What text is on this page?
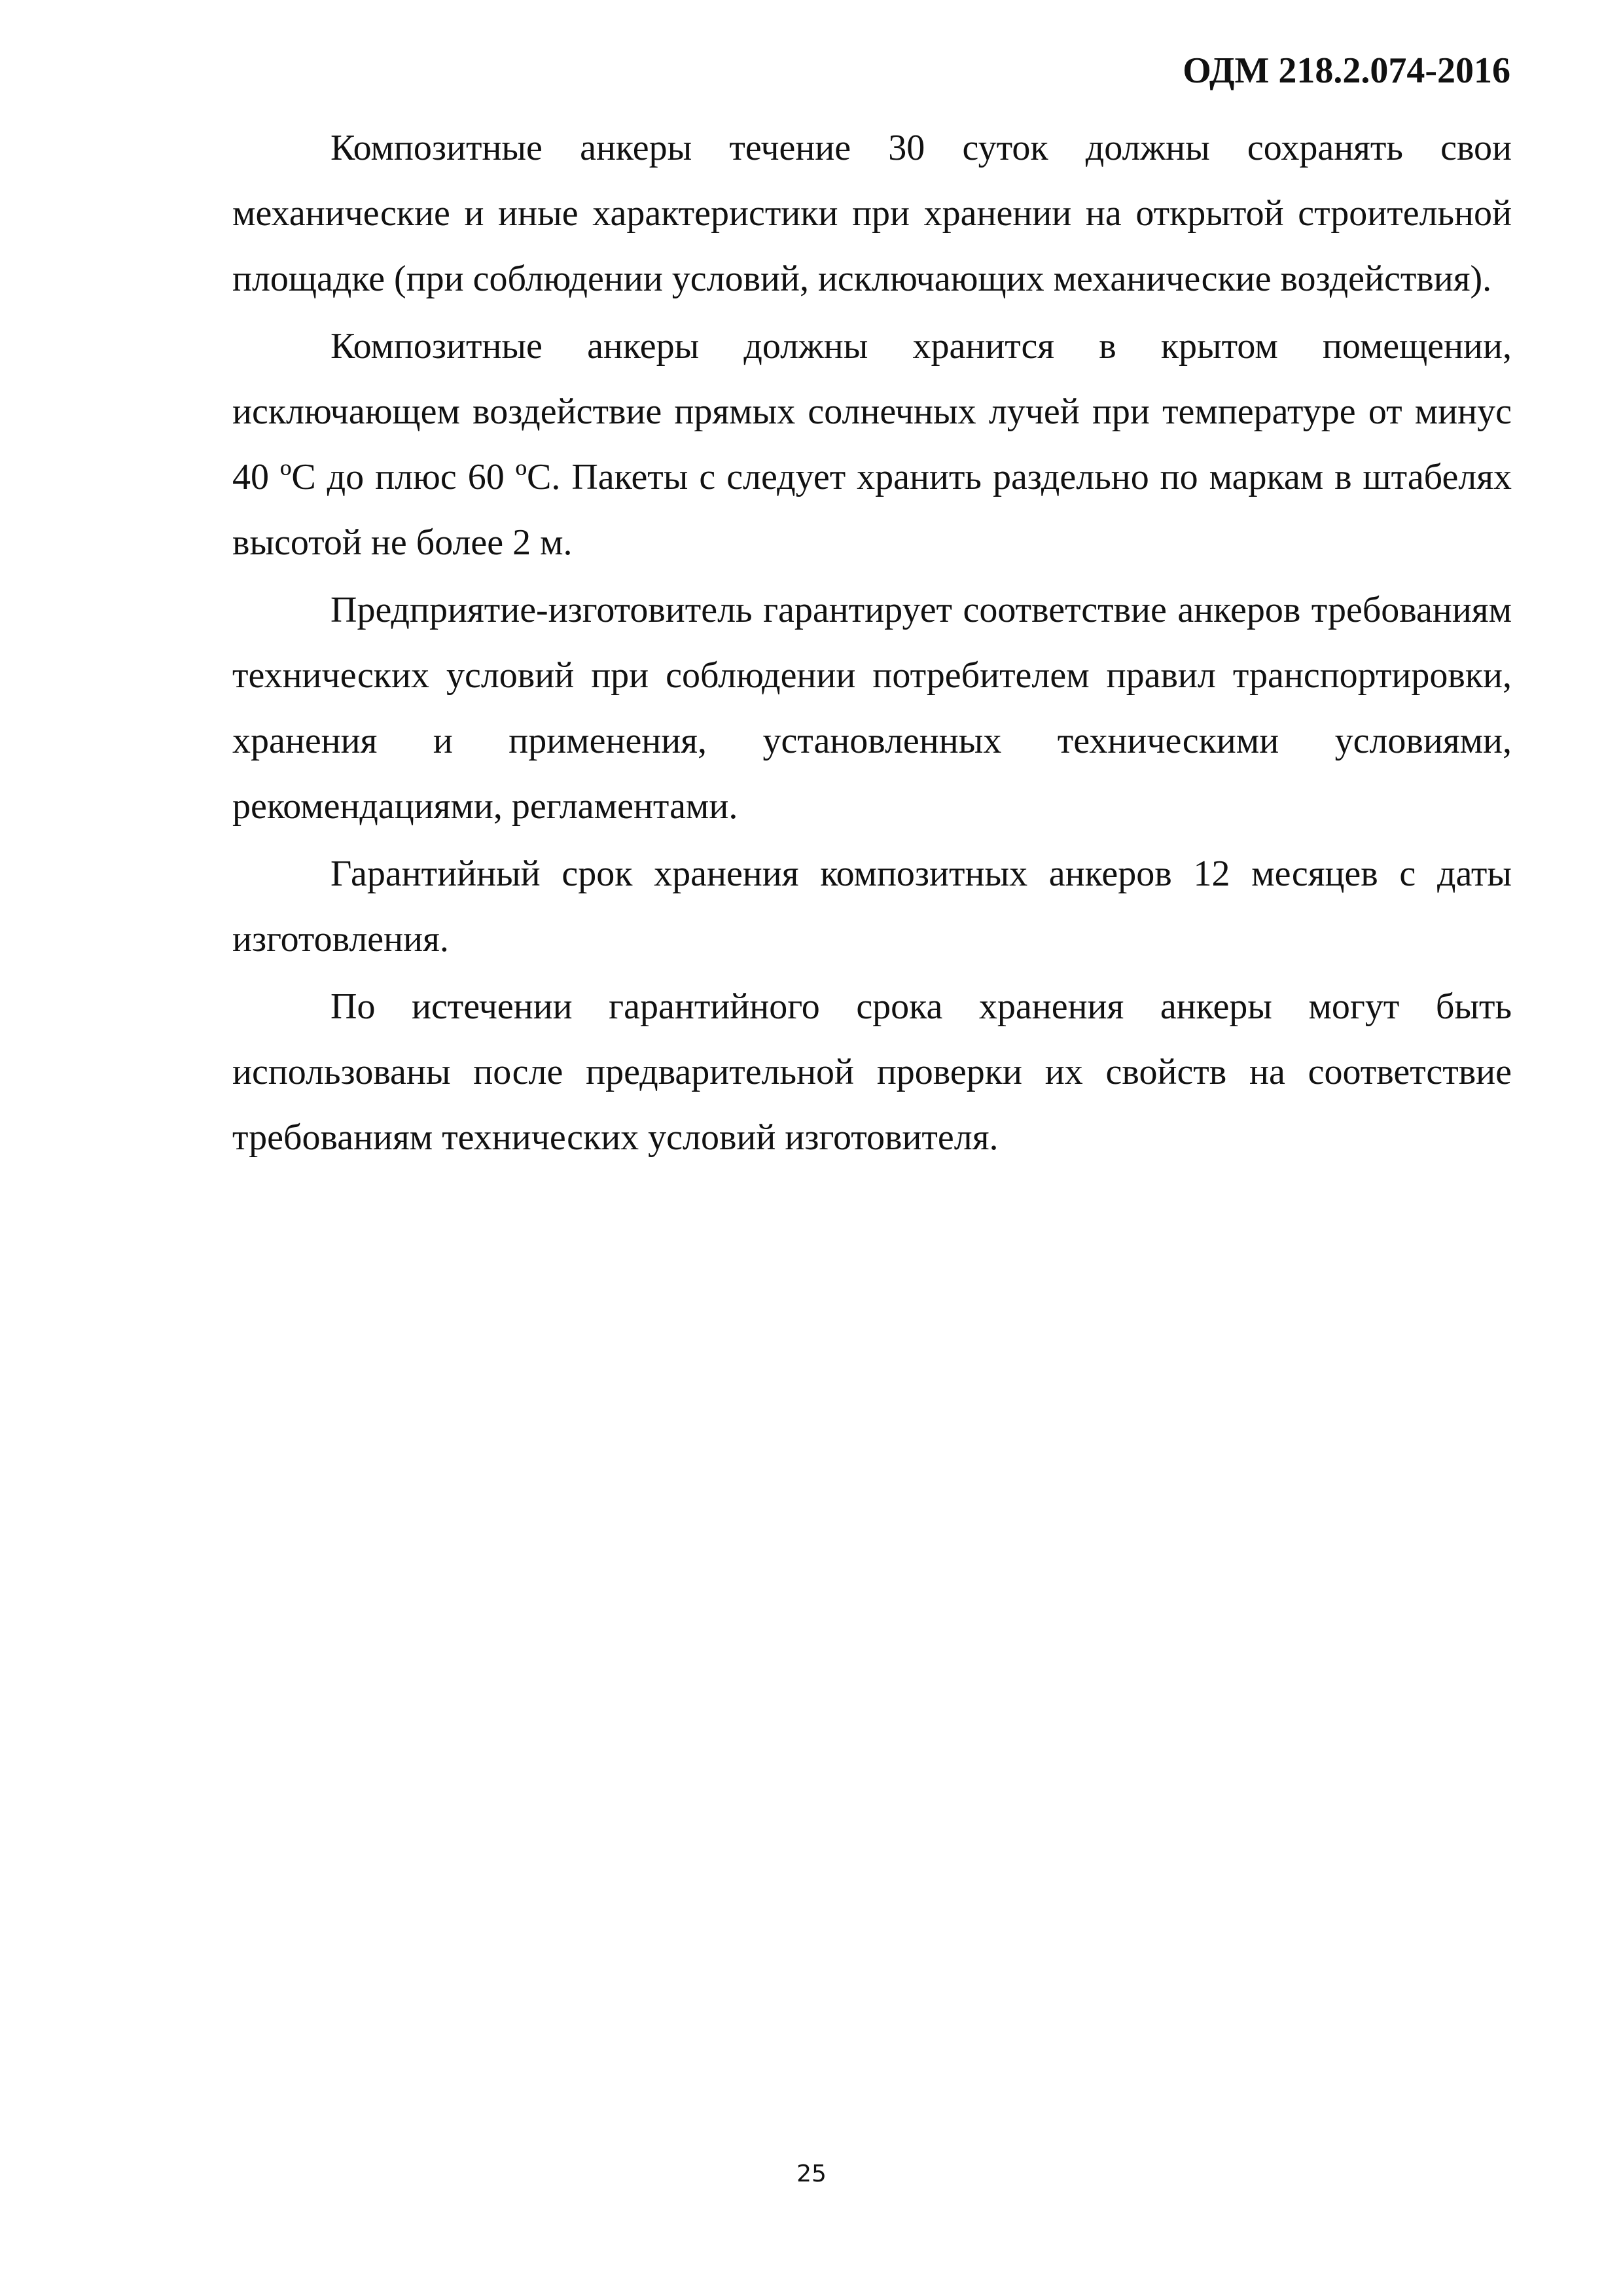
ОДМ 218.2.074-2016

Композитные анкеры течение 30 суток должны сохранять свои механические и иные характеристики при хранении на открытой строительной площадке (при соблюдении условий, исключающих механические воздействия).

Композитные анкеры должны хранится в крытом помещении, исключающем воздействие прямых солнечных лучей при температуре от минус 40 ºС до плюс 60 ºС. Пакеты с следует хранить раздельно по маркам в штабелях высотой не более 2 м.

Предприятие-изготовитель гарантирует соответствие анкеров требованиям технических условий при соблюдении потребителем правил транспортировки, хранения и применения, установленных техническими условиями, рекомендациями, регламентами.

Гарантийный срок хранения композитных анкеров 12 месяцев с даты изготовления.

По истечении гарантийного срока хранения анкеры могут быть использованы после предварительной проверки их свойств на соответствие требованиям технических условий изготовителя.

25
